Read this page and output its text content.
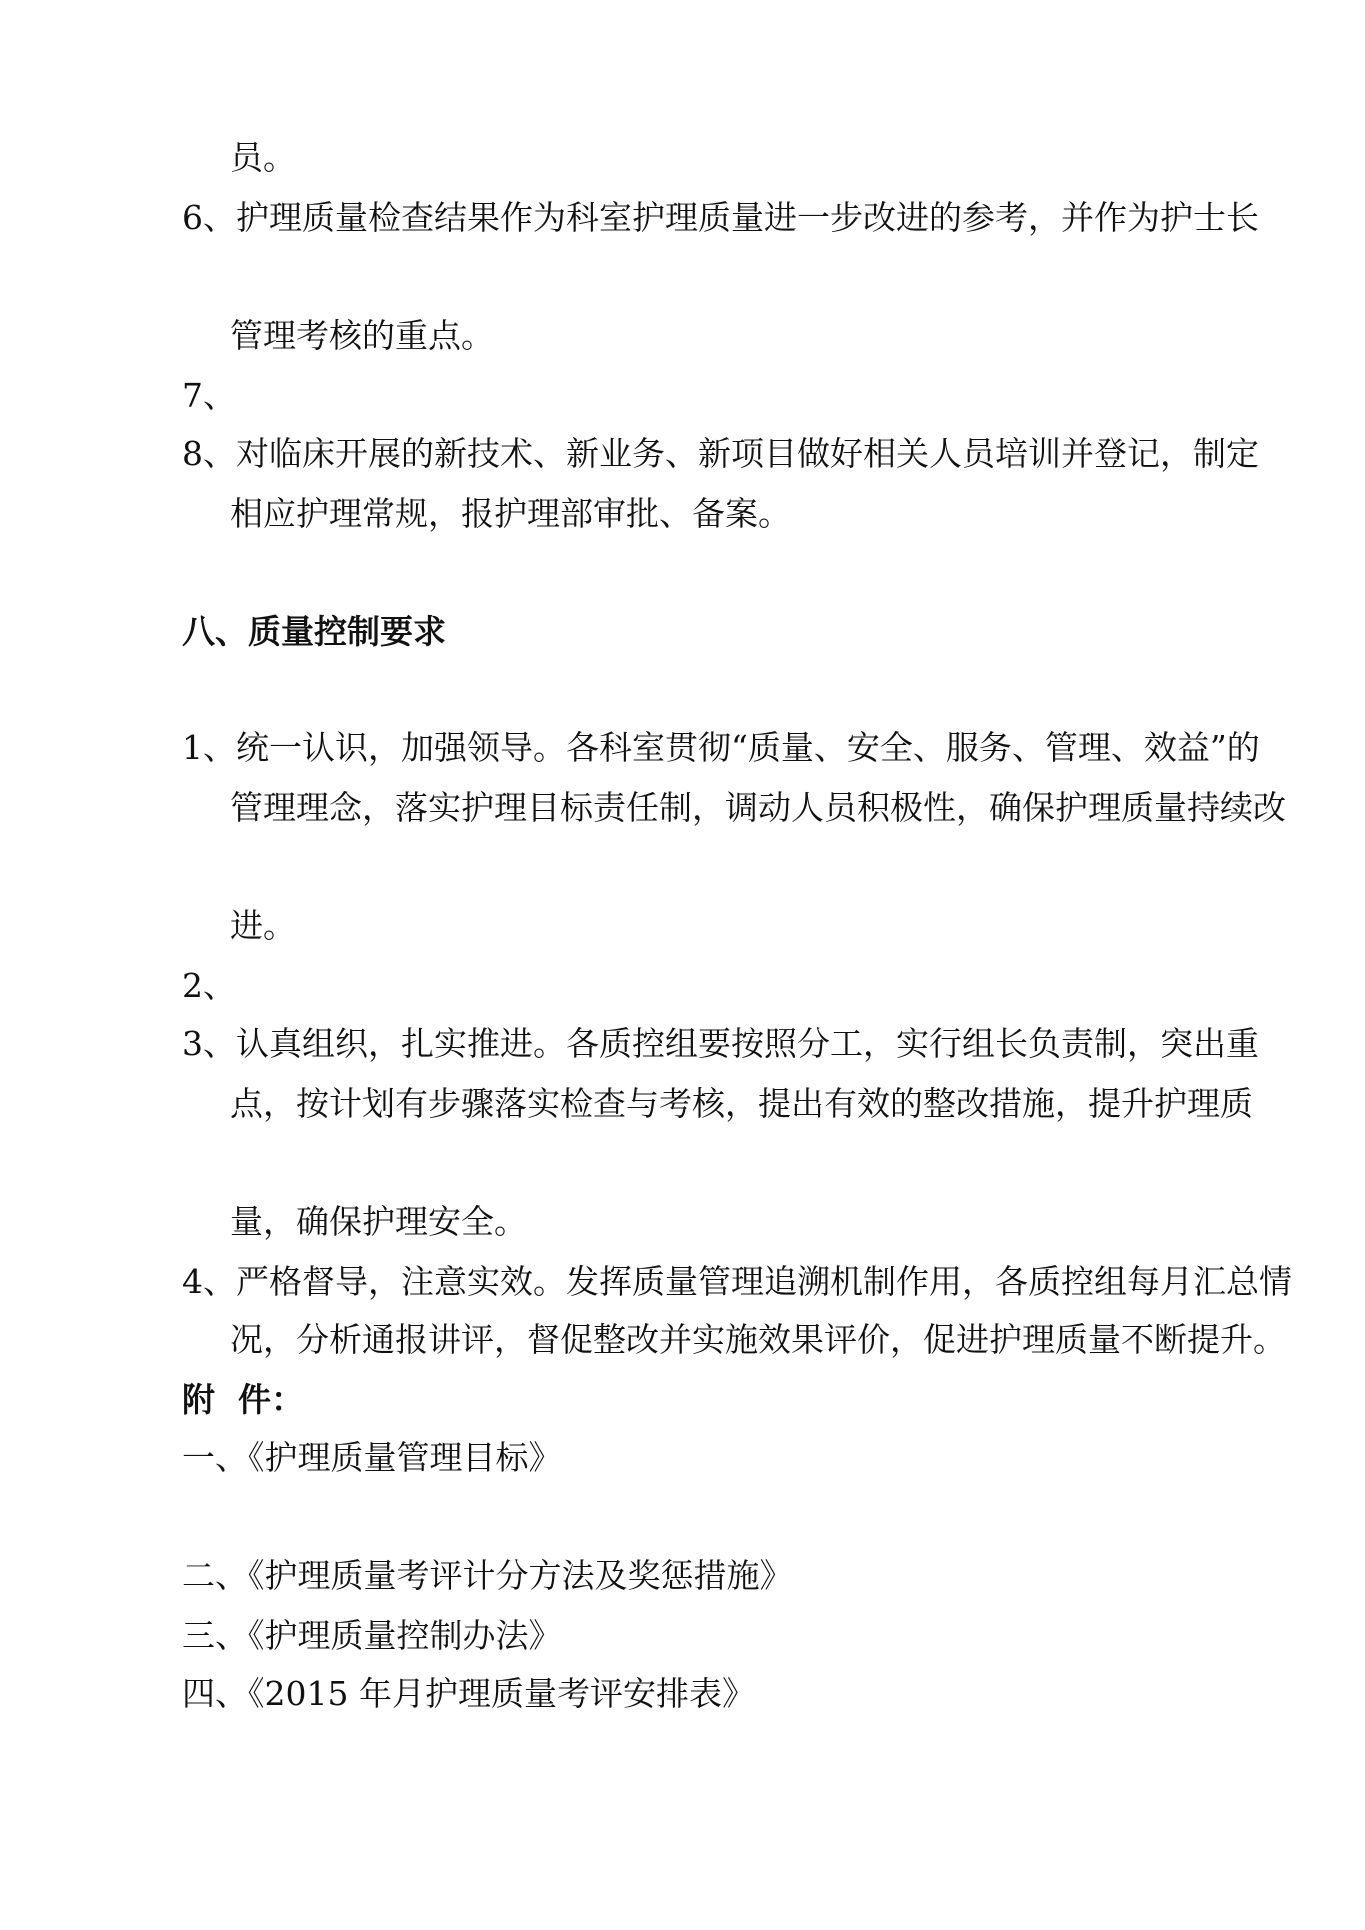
员。
6、护理质量检查结果作为科室护理质量进一步改进的参考，并作为护士长
管理考核的重点。
7、
8、对临床开展的新技术、新业务、新项目做好相关人员培训并登记，制定
相应护理常规，报护理部审批、备案。
八、质量控制要求
1、统一认识，加强领导。各科室贯彻“质量、安全、服务、管理、效益”的
管理理念，落实护理目标责任制，调动人员积极性，确保护理质量持续改
进。
2、
3、认真组织，扎实推进。各质控组要按照分工，实行组长负责制，突出重
点，按计划有步骤落实检查与考核，提出有效的整改措施，提升护理质
量，确保护理安全。
4、严格督导，注意实效。发挥质量管理追溯机制作用，各质控组每月汇总情
况，分析通报讲评，督促整改并实施效果评价，促进护理质量不断提升。
附  件：
一、《护理质量管理目标》
二、《护理质量考评计分方法及奖惩措施》
三、《护理质量控制办法》
四、《2015 年月护理质量考评安排表》
